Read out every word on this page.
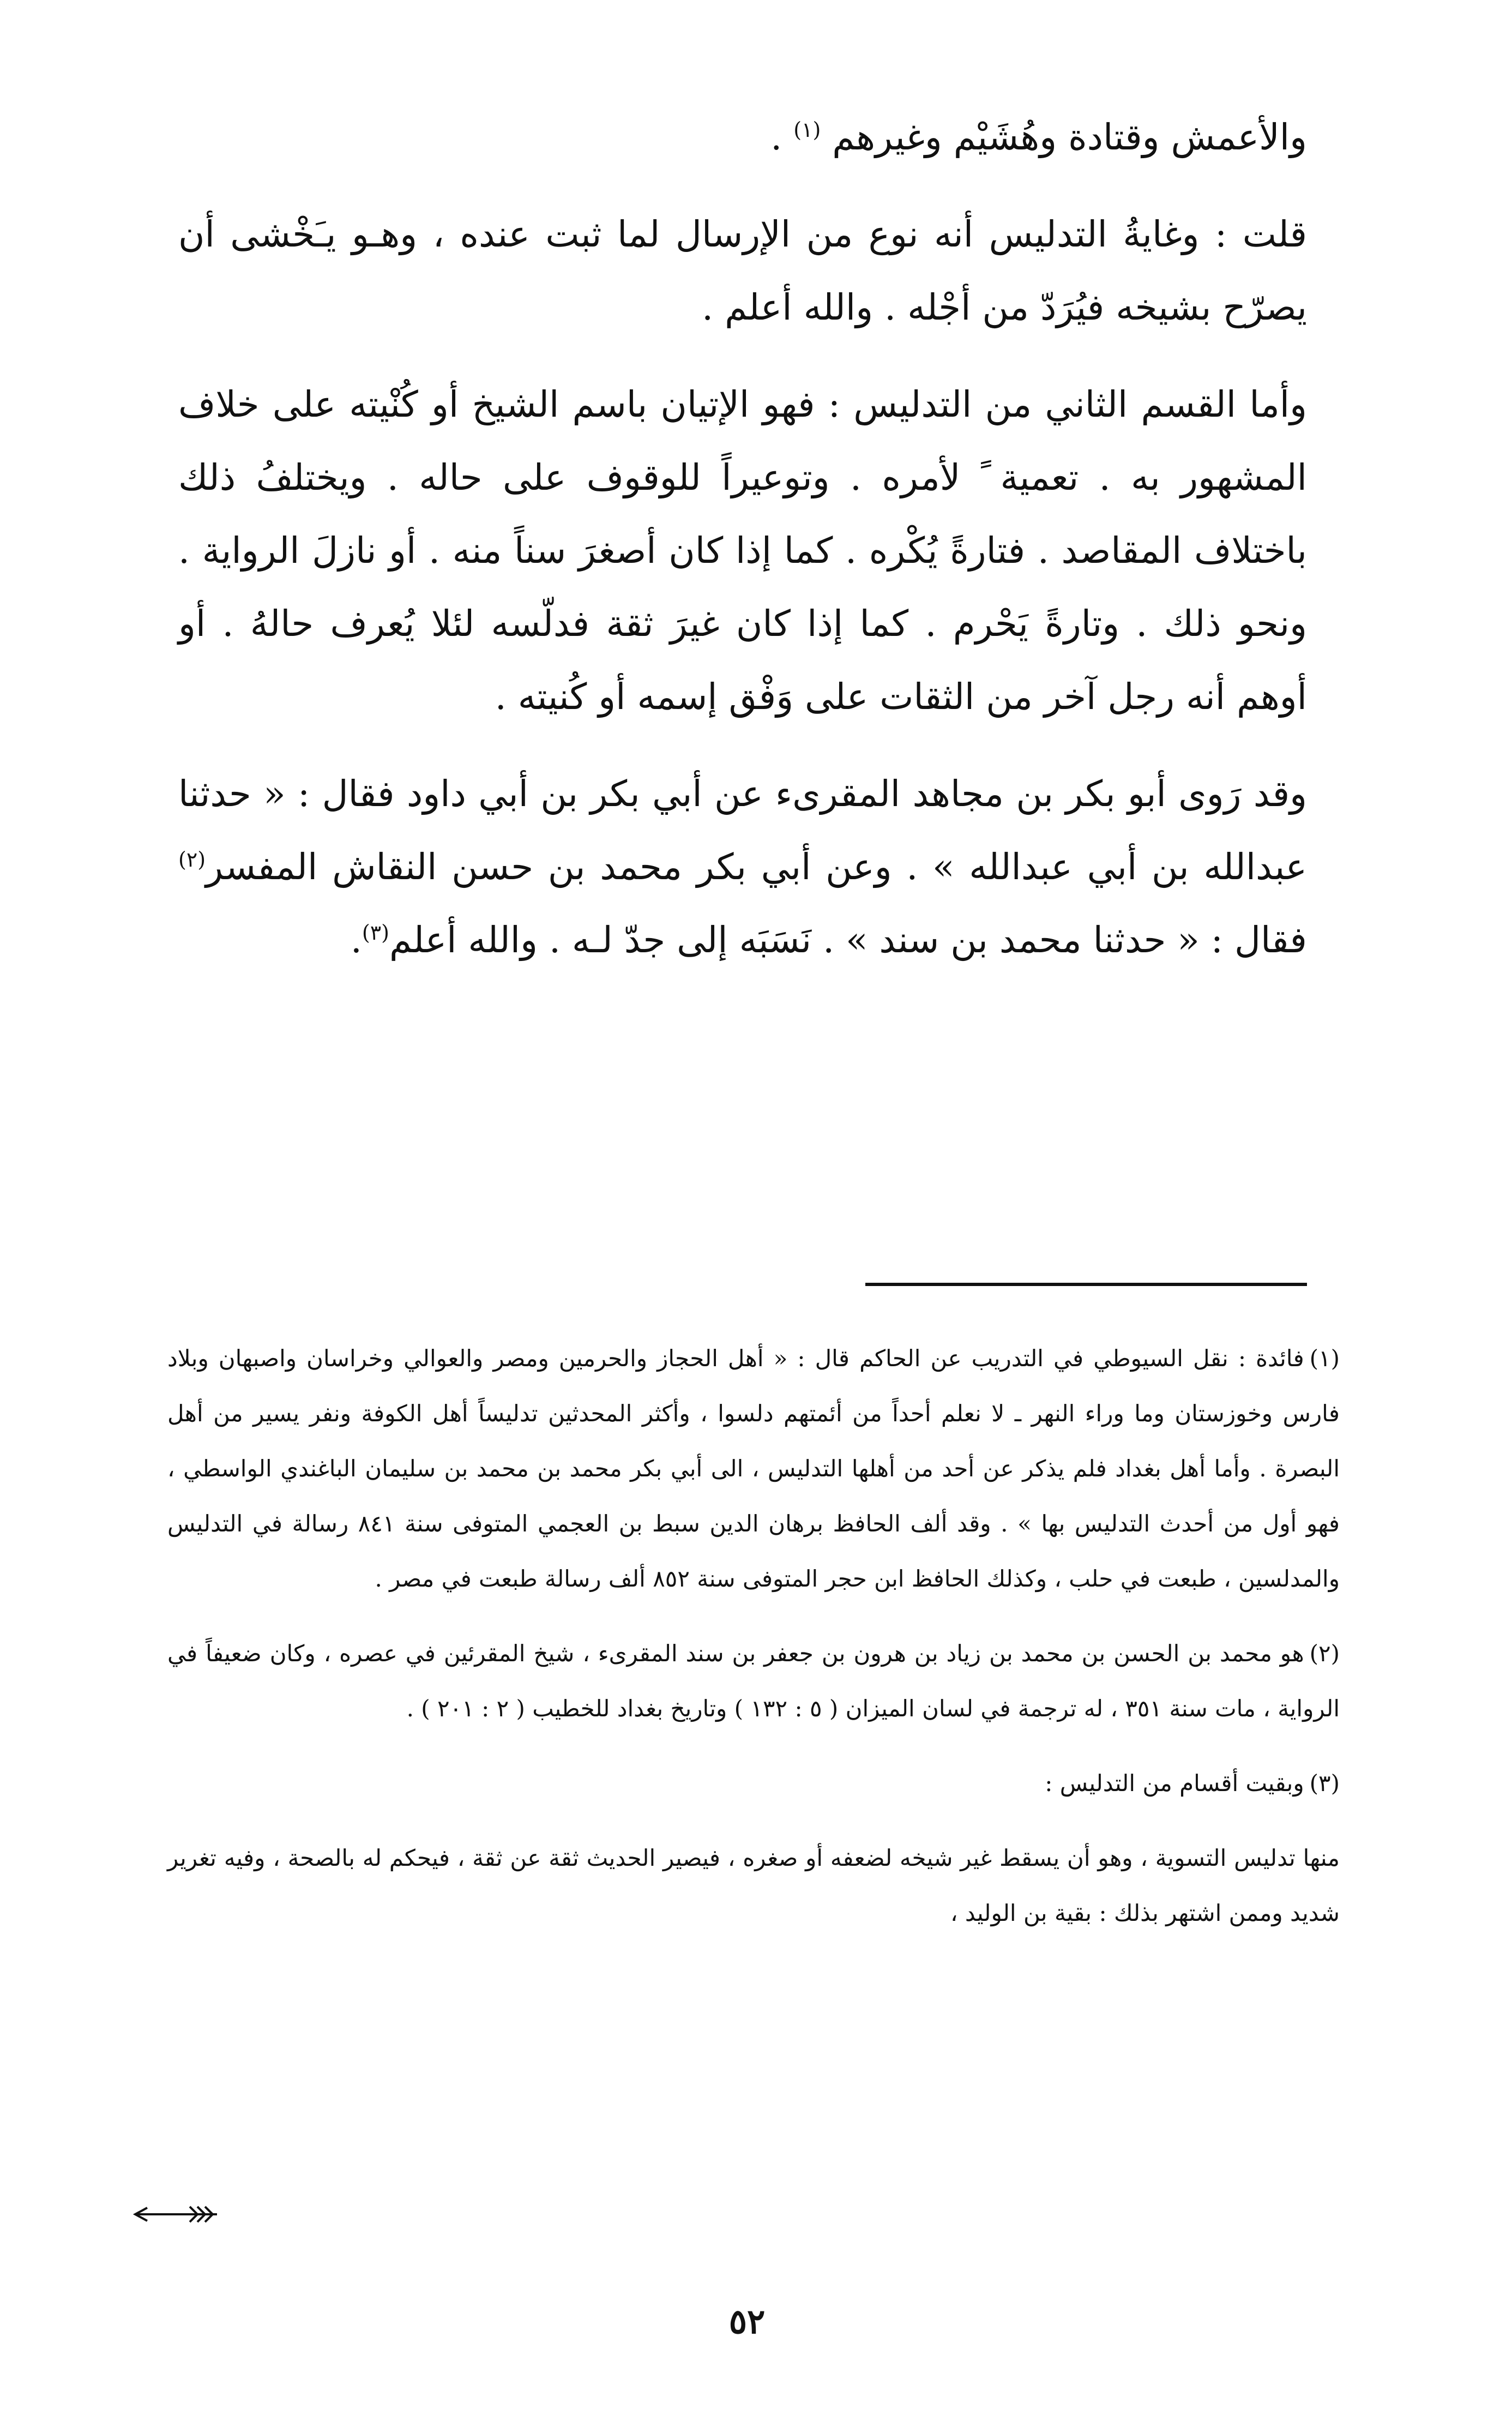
والأعمش وقتادة وهُشَيْم وغيرهم $^{(١)}$ .

قلت : وغايةُ التدليس أنه نوع من الإرسال لما ثبت عنده ، وهـو يـَخْشى أن يصرّح بشيخه فيُرَدّ من أجْله . والله أعلم .

وأما القسم الثاني من التدليس : فهو الإتيان باسم الشيخ أو كُنْيته على خلاف المشهور به . تعمية ً لأمره . وتوعيراً للوقوف على حاله . ويختلفُ ذلك باختلاف المقاصد . فتارةً يُكْره . كما إذا كان أصغرَ سناً منه . أو نازلَ الرواية . ونحو ذلك . وتارةً يَحْرم . كما إذا كان غيرَ ثقة فدلّسه لئلا يُعرف حالهُ . أو أوهم أنه رجل آخر من الثقات على وَفْق إسمه أو كُنيته .

وقد رَوى أبو بكر بن مجاهد المقرىء عن أبي بكر بن أبي داود فقال : « حدثنا عبدالله بن أبي عبدالله » . وعن أبي بكر محمد بن حسن النقاش المفسر$^{(٢)}$ فقال : « حدثنا محمد بن سند » . نَسَبَه إلى جدّ لـه . والله أعلم$^{(٣)}$.

(١)فائدة : نقل السيوطي في التدريب عن الحاكم قال : « أهل الحجاز والحرمين ومصر والعوالي وخراسان واصبهان وبلاد فارس وخوزستان وما وراء النهر ـ لا نعلم أحداً من أئمتهم دلسوا ، وأكثر المحدثين تدليساً أهل الكوفة ونفر يسير من أهل البصرة . وأما أهل بغداد فلم يذكر عن أحد من أهلها التدليس ، الى أبي بكر محمد بن محمد بن سليمان الباغندي الواسطي ، فهو أول من أحدث التدليس بها » . وقد ألف الحافظ برهان الدين سبط بن العجمي المتوفى سنة ٨٤١ رسالة في التدليس والمدلسين ، طبعت في حلب ، وكذلك الحافظ ابن حجر المتوفى سنة ٨٥٢ ألف رسالة طبعت في مصر .

(٢)هو محمد بن الحسن بن محمد بن زياد بن هرون بن جعفر بن سند المقرىء ، شيخ المقرئين في عصره ، وكان ضعيفاً في الرواية ، مات سنة ٣٥١ ، له ترجمة في لسان الميزان ( ٥ : ١٣٢ ) وتاريخ بغداد للخطيب ( ٢ : ٢٠١ ) .

(٣)وبقيت أقسام من التدليس :

منها تدليس التسوية ، وهو أن يسقط غير شيخه لضعفه أو صغره ، فيصير الحديث ثقة عن ثقة ، فيحكم له بالصحة ، وفيه تغرير شديد وممن اشتهر بذلك : بقية بن الوليد ،

٥٢
